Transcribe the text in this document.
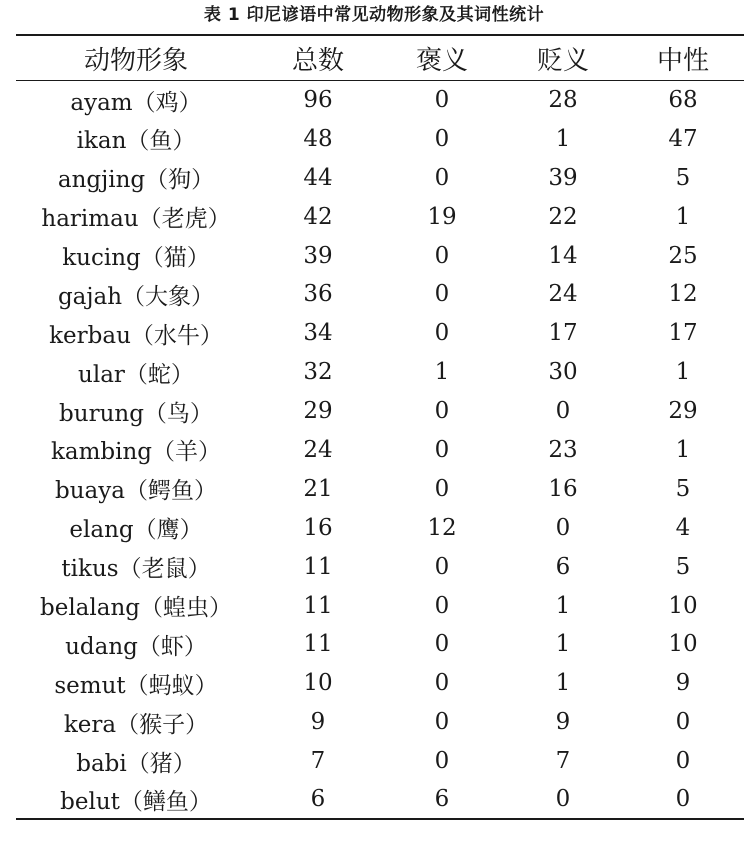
表 1 印尼谚语中常见动物形象及其词性统计
动物形象	总数	褒义	贬义	中性
ayam（鸡）	96	0	28	68
ikan（鱼）	48	0	1	47
angjing（狗）	44	0	39	5
harimau（老虎）	42	19	22	1
kucing（猫）	39	0	14	25
gajah（大象）	36	0	24	12
kerbau（水牛）	34	0	17	17
ular（蛇）	32	1	30	1
burung（鸟）	29	0	0	29
kambing（羊）	24	0	23	1
buaya（鳄鱼）	21	0	16	5
elang（鹰）	16	12	0	4
tikus（老鼠）	11	0	6	5
belalang（蝗虫）	11	0	1	10
udang（虾）	11	0	1	10
semut（蚂蚁）	10	0	1	9
kera（猴子）	9	0	9	0
babi（猪）	7	0	7	0
belut（鳝鱼）	6	6	0	0
